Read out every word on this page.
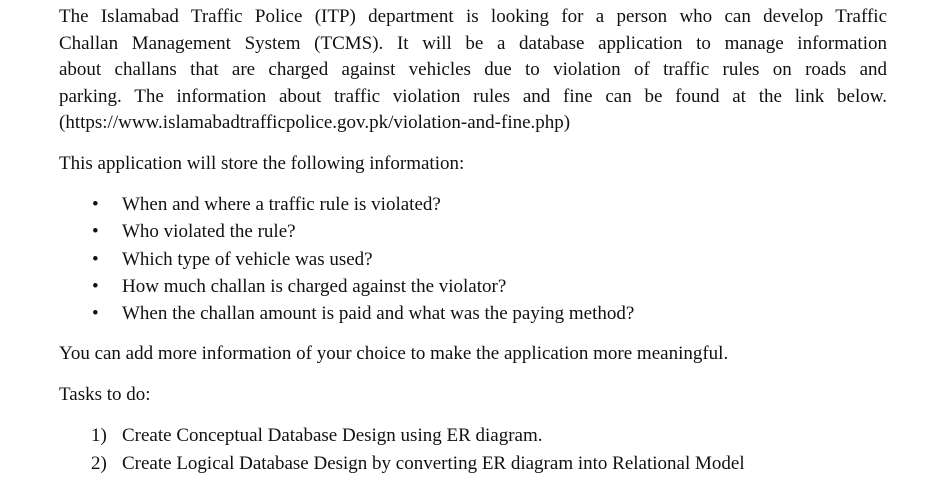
The Islamabad Traffic Police (ITP) department is looking for a person who can develop Traffic
Challan Management System (TCMS). It will be a database application to manage information
about challans that are charged against vehicles due to violation of traffic rules on roads and
parking. The information about traffic violation rules and fine can be found at the link below.
(https://www.islamabadtrafficpolice.gov.pk/violation-and-fine.php)

This application will store the following information:

• When and where a traffic rule is violated?
• Who violated the rule?
• Which type of vehicle was used?
• How much challan is charged against the violator?
• When the challan amount is paid and what was the paying method?

You can add more information of your choice to make the application more meaningful.

Tasks to do:

1) Create Conceptual Database Design using ER diagram.
2) Create Logical Database Design by converting ER diagram into Relational Model
